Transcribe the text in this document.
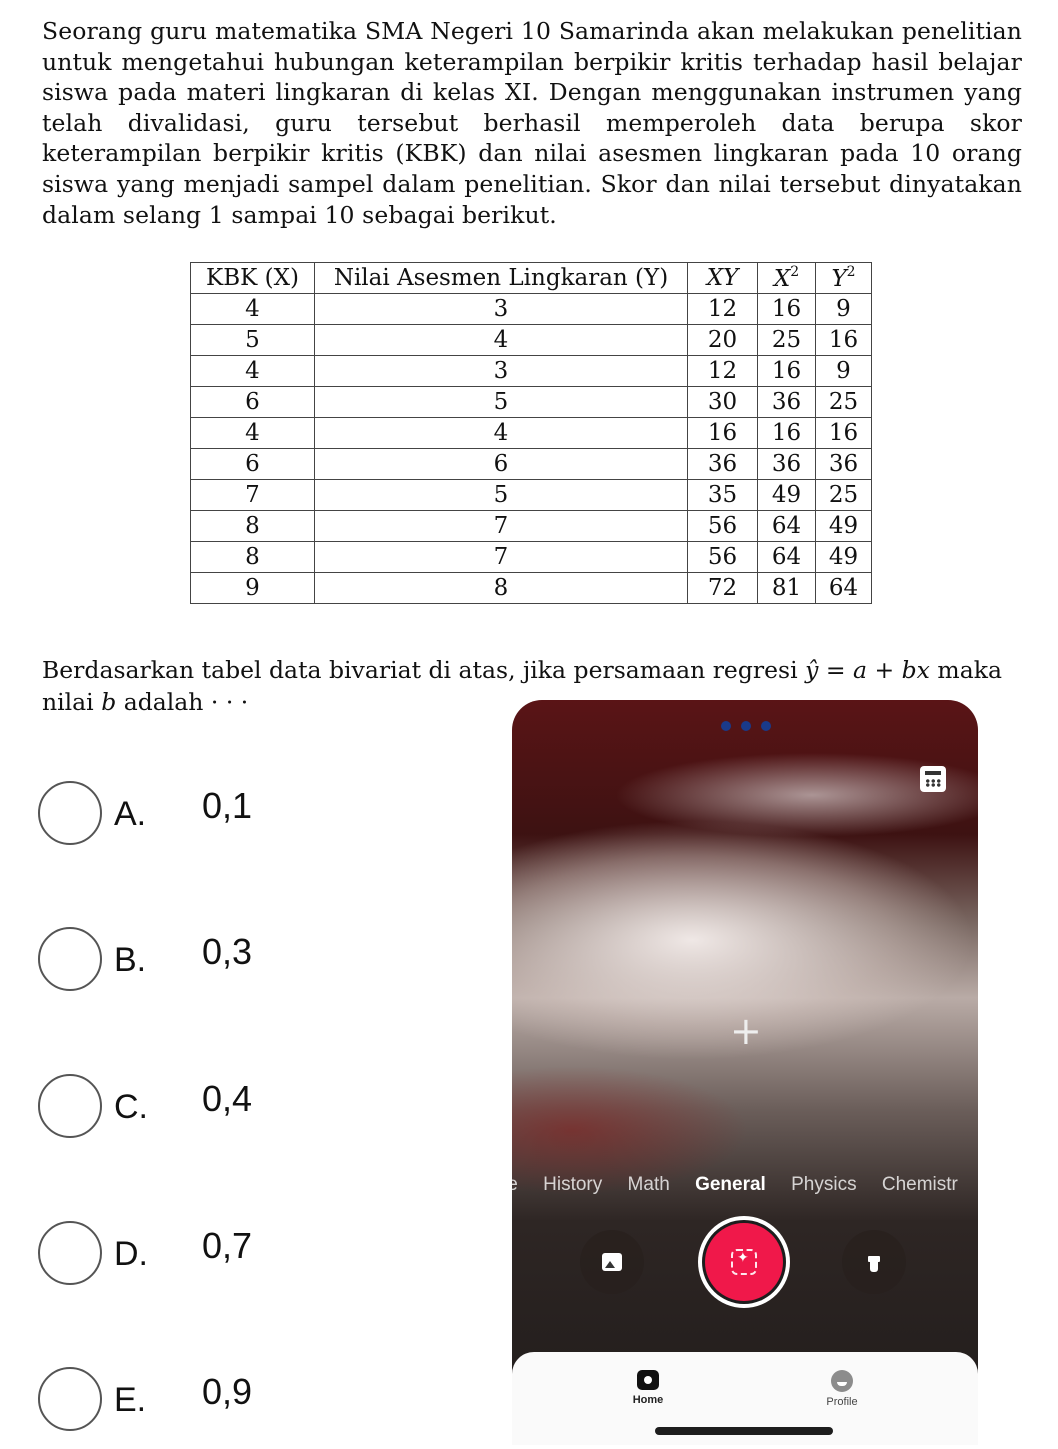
Seorang guru matematika SMA Negeri 10 Samarinda akan melakukan penelitian untuk mengetahui hubungan keterampilan berpikir kritis terhadap hasil belajar siswa pada materi lingkaran di kelas XI. Dengan menggunakan instrumen yang telah divalidasi, guru tersebut berhasil memperoleh data berupa skor keterampilan berpikir kritis (KBK) dan nilai asesmen lingkaran pada 10 orang siswa yang menjadi sampel dalam penelitian. Skor dan nilai tersebut dinyatakan dalam selang 1 sampai 10 sebagai berikut.
KBK (X)	Nilai Asesmen Lingkaran (Y)	XY	$X^2$	$Y^2$
4	3	12	16	9
5	4	20	25	16
4	3	12	16	9
6	5	30	36	25
4	4	16	16	16
6	6	36	36	36
7	5	35	49	25
8	7	56	64	49
8	7	56	64	49
9	8	72	81	64
Berdasarkan tabel data bivariat di atas, jika persamaan regresi ŷ = a + bx maka
nilai b adalah · · ·
A. 0,1
B. 0,3
C. 0,4
D. 0,7
E. 0,9
+
te History Math General Physics Chemistr
✦
Home	Profile
